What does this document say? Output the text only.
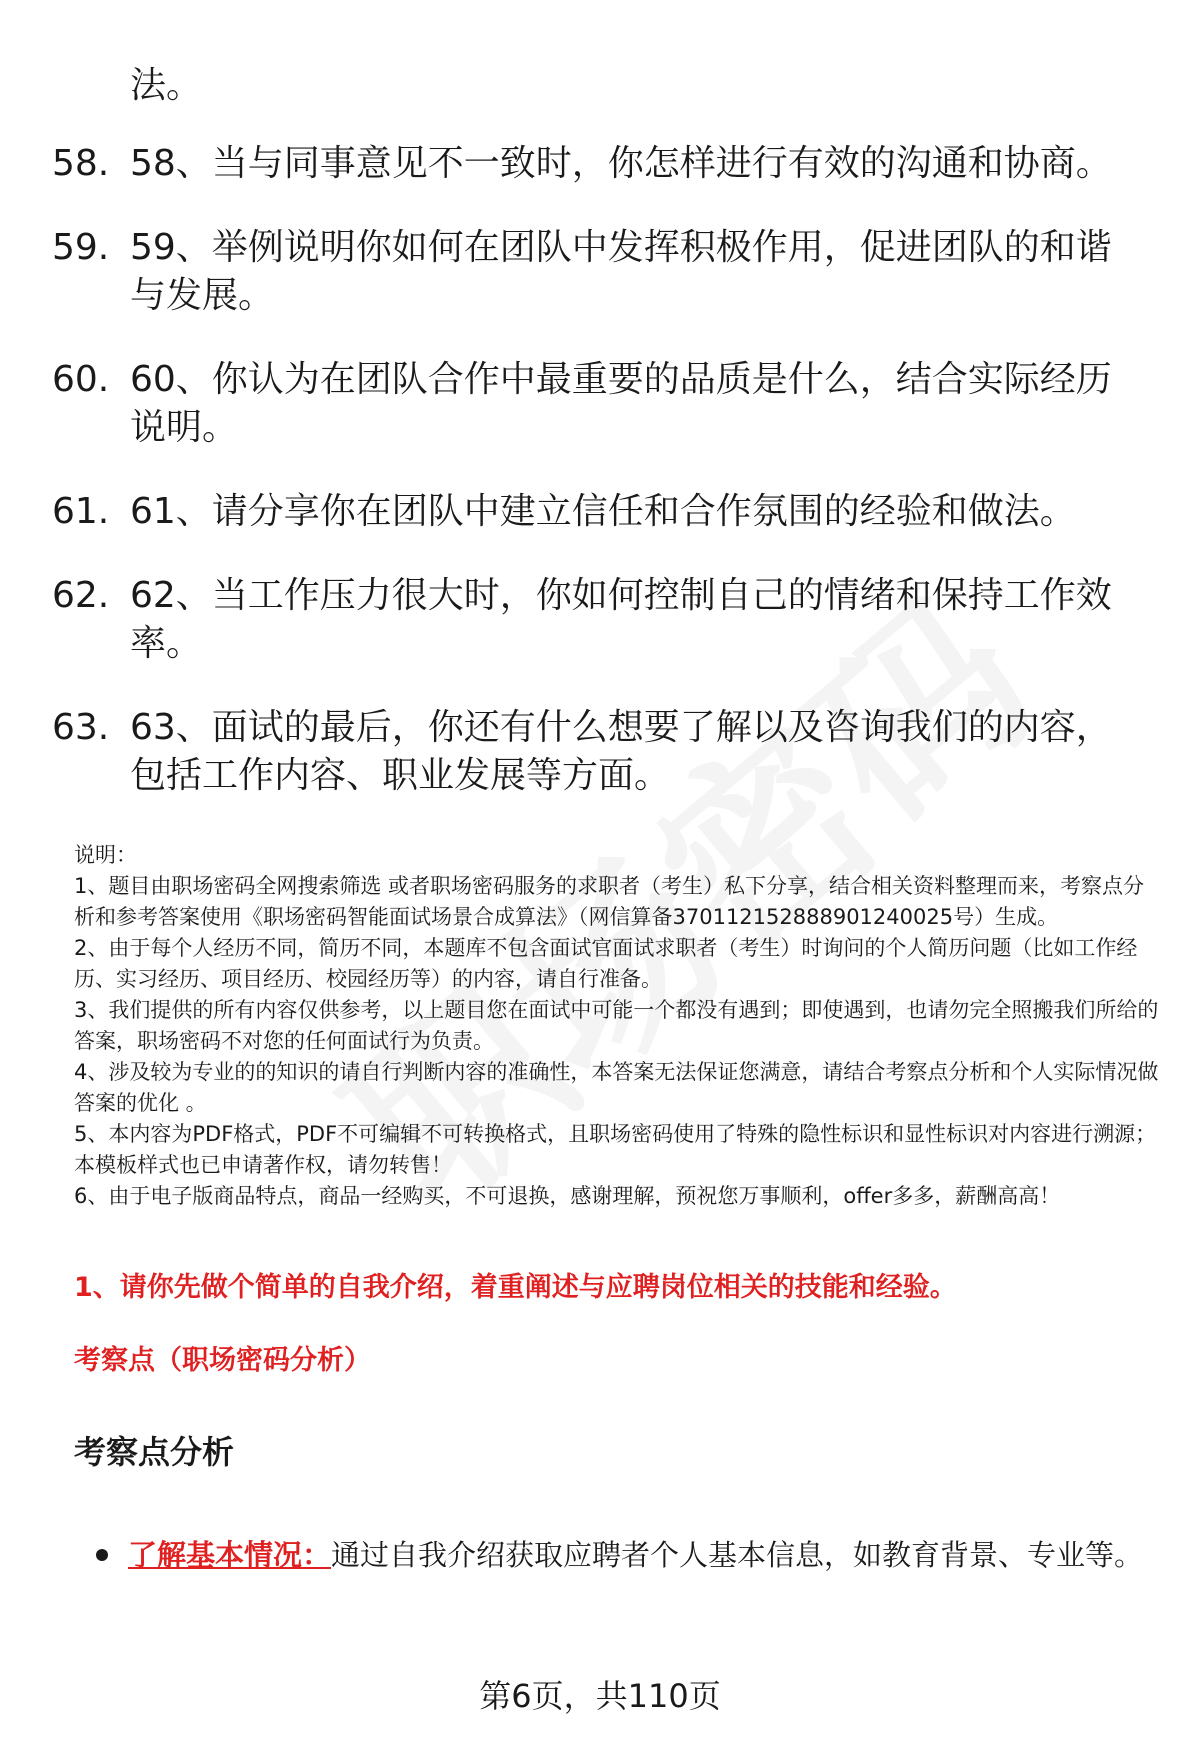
法。

58. 58、当与同事意见不一致时，你怎样进行有效的沟通和协商。
59. 59、举例说明你如何在团队中发挥积极作用，促进团队的和谐与发展。
60. 60、你认为在团队合作中最重要的品质是什么，结合实际经历说明。
61. 61、请分享你在团队中建立信任和合作氛围的经验和做法。
62. 62、当工作压力很大时，你如何控制自己的情绪和保持工作效率。
63. 63、面试的最后，你还有什么想要了解以及咨询我们的内容，包括工作内容、职业发展等方面。

说明：

1、题目由职场密码全网搜索筛选 或者职场密码服务的求职者（考生）私下分享，结合相关资料整理而来，考察点分析和参考答案使用《职场密码智能面试场景合成算法》（网信算备370112152888901240025号）生成。

2、由于每个人经历不同，简历不同，本题库不包含面试官面试求职者（考生）时询问的个人简历问题（比如工作经历、实习经历、项目经历、校园经历等）的内容，请自行准备。

3、我们提供的所有内容仅供参考，以上题目您在面试中可能一个都没有遇到；即使遇到，也请勿完全照搬我们所给的答案，职场密码不对您的任何面试行为负责。

4、涉及较为专业的的知识的请自行判断内容的准确性，本答案无法保证您满意，请结合考察点分析和个人实际情况做答案的优化 。

5、本内容为PDF格式，PDF不可编辑不可转换格式，且职场密码使用了特殊的隐性标识和显性标识对内容进行溯源；本模板样式也已申请著作权，请勿转售！

6、由于电子版商品特点，商品一经购买，不可退换，感谢理解，预祝您万事顺利，offer多多，薪酬高高！

1、请你先做个简单的自我介绍，着重阐述与应聘岗位相关的技能和经验。

考察点（职场密码分析）

考察点分析

了解基本情况：通过自我介绍获取应聘者个人基本信息，如教育背景、专业等。
第6页，共110页
